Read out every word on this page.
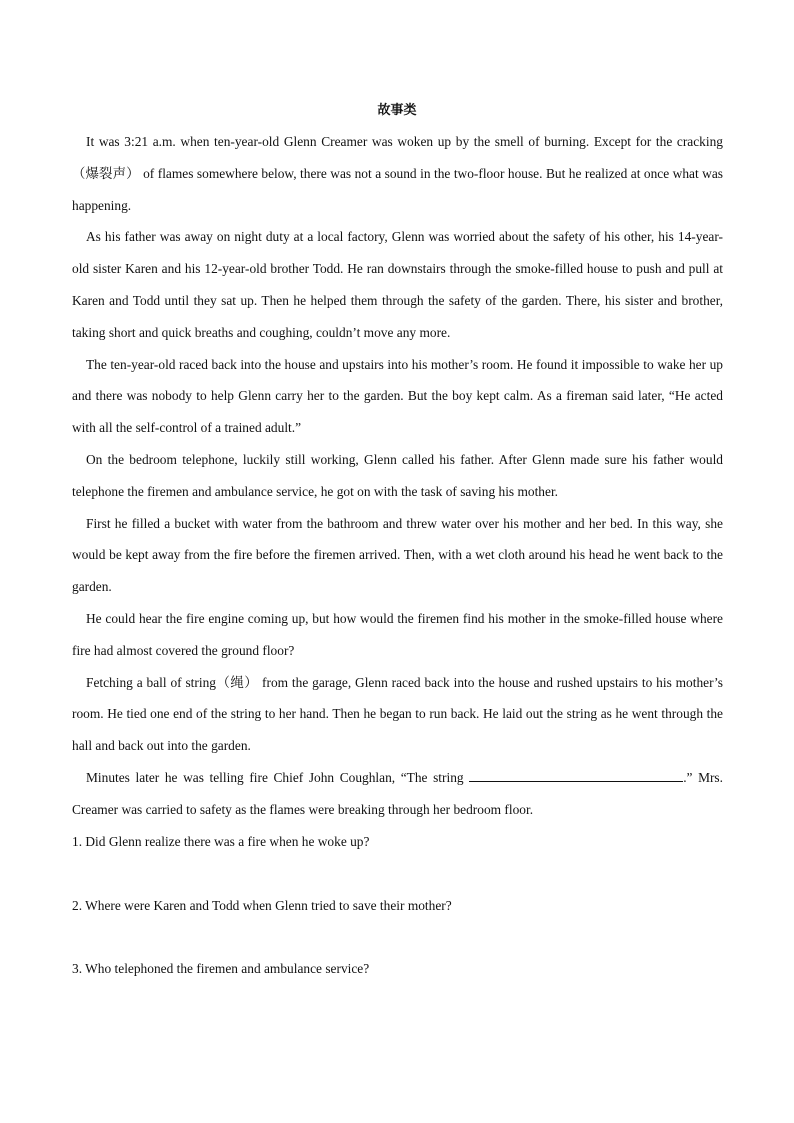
故事类

It was 3:21 a.m. when ten-year-old Glenn Creamer was woken up by the smell of burning. Except for the cracking（爆裂声） of flames somewhere below, there was not a sound in the two-floor house. But he realized at once what was happening.

As his father was away on night duty at a local factory, Glenn was worried about the safety of his other, his 14-year-old sister Karen and his 12-year-old brother Todd. He ran downstairs through the smoke-filled house to push and pull at Karen and Todd until they sat up. Then he helped them through the safety of the garden. There, his sister and brother, taking short and quick breaths and coughing, couldn’t move any more.

The ten-year-old raced back into the house and upstairs into his mother’s room. He found it impossible to wake her up and there was nobody to help Glenn carry her to the garden. But the boy kept calm. As a fireman said later, “He acted with all the self-control of a trained adult.”

On the bedroom telephone, luckily still working, Glenn called his father. After Glenn made sure his father would telephone the firemen and ambulance service, he got on with the task of saving his mother.

First he filled a bucket with water from the bathroom and threw water over his mother and her bed. In this way, she would be kept away from the fire before the firemen arrived. Then, with a wet cloth around his head he went back to the garden.

He could hear the fire engine coming up, but how would the firemen find his mother in the smoke-filled house where fire had almost covered the ground floor?

Fetching a ball of string（绳） from the garage, Glenn raced back into the house and rushed upstairs to his mother’s room. He tied one end of the string to her hand. Then he began to run back. He laid out the string as he went through the hall and back out into the garden.

Minutes later he was telling fire Chief John Coughlan, “The string	.” Mrs. Creamer was carried to safety as the flames were breaking through her bedroom floor.

1. Did Glenn realize there was a fire when he woke up?

2. Where were Karen and Todd when Glenn tried to save their mother?

3. Who telephoned the firemen and ambulance service?
